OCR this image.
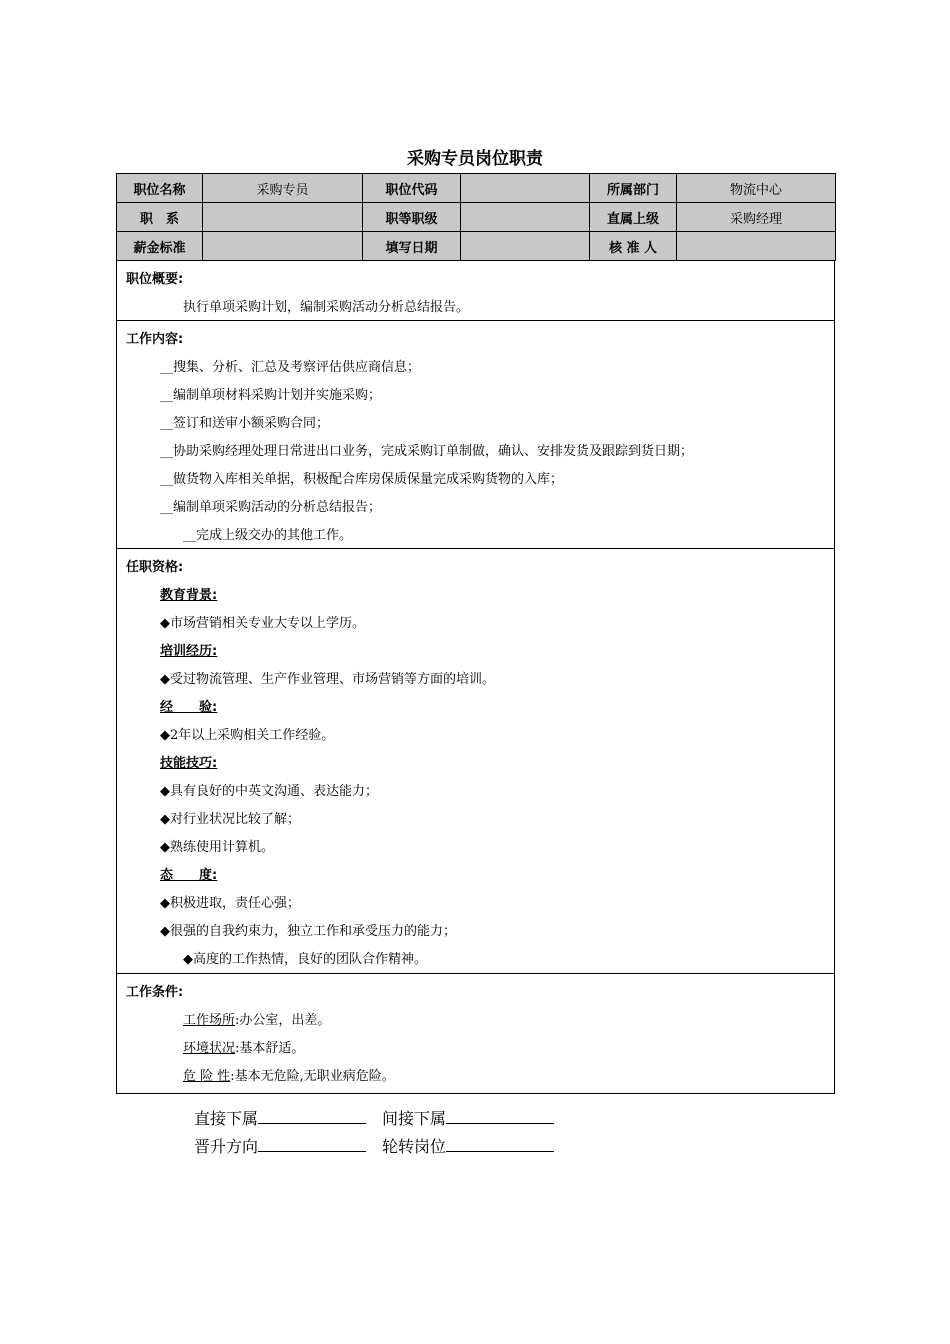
采购专员岗位职责
职位名称	采购专员	职位代码		所属部门	物流中心
职　系		职等职级		直属上级	采购经理
薪金标准		填写日期		核 准 人	
职位概要:
执行单项采购计划，编制采购活动分析总结报告。
工作内容:
__搜集、分析、汇总及考察评估供应商信息；
__编制单项材料采购计划并实施采购；
__签订和送审小额采购合同；
__协助采购经理处理日常进出口业务，完成采购订单制做，确认、安排发货及跟踪到货日期；
__做货物入库相关单据，积极配合库房保质保量完成采购货物的入库；
__编制单项采购活动的分析总结报告；
__完成上级交办的其他工作。
任职资格:
教育背景:
◆市场营销相关专业大专以上学历。
培训经历:
◆受过物流管理、生产作业管理、市场营销等方面的培训。
经　　验:
◆2年以上采购相关工作经验。
技能技巧:
◆具有良好的中英文沟通、表达能力；
◆对行业状况比较了解；
◆熟练使用计算机。
态　　度:
◆积极进取，责任心强；
◆很强的自我约束力，独立工作和承受压力的能力；
◆高度的工作热情，良好的团队合作精神。
工作条件:
工作场所:办公室，出差。
环境状况:基本舒适。
危 险 性:基本无危险,无职业病危险。
直接下属	间接下属
晋升方向	轮转岗位
